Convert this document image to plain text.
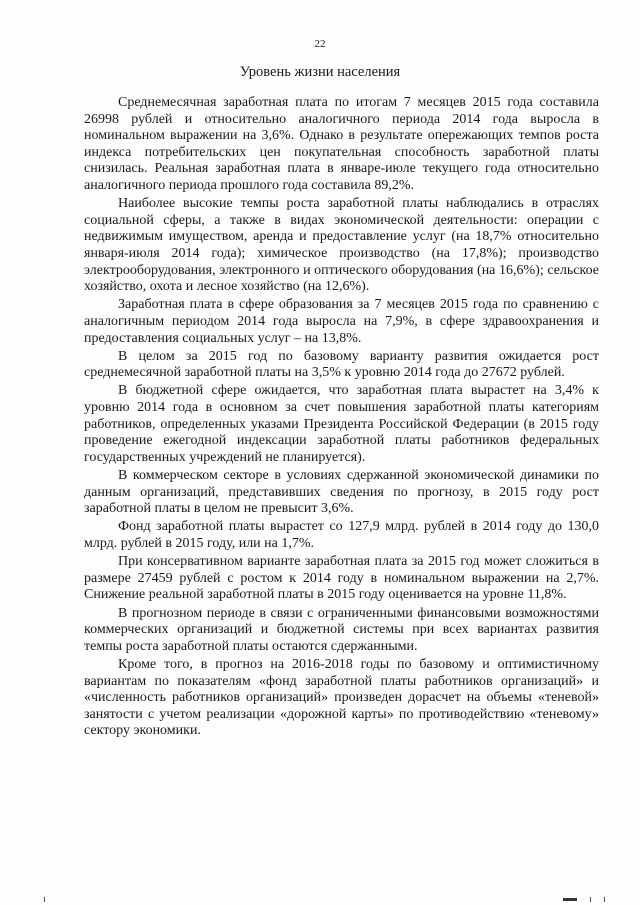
22
Уровень жизни населения

Среднемесячная заработная плата по итогам 7 месяцев 2015 года составила 26998 рублей и относительно аналогичного периода 2014 года выросла в номинальном выражении на 3,6%. Однако в результате опережающих темпов роста индекса потребительских цен покупательная способность заработной платы снизилась. Реальная заработная плата в январе-июле текущего года относительно аналогичного периода прошлого года составила 89,2%.

Наиболее высокие темпы роста заработной платы наблюдались в отраслях социальной сферы, а также в видах экономической деятельности: операции с недвижимым имуществом, аренда и предоставление услуг (на 18,7% относительно января-июля 2014 года); химическое производство (на 17,8%); производство электрооборудования, электронного и оптического оборудования (на 16,6%); сельское хозяйство, охота и лесное хозяйство (на 12,6%).

Заработная плата в сфере образования за 7 месяцев 2015 года по сравнению с аналогичным периодом 2014 года выросла на 7,9%, в сфере здравоохранения и предоставления социальных услуг – на 13,8%.

В целом за 2015 год по базовому варианту развития ожидается рост среднемесячной заработной платы на 3,5% к уровню 2014 года до 27672 рублей.

В бюджетной сфере ожидается, что заработная плата вырастет на 3,4% к уровню 2014 года в основном за счет повышения заработной платы категориям работников, определенных указами Президента Российской Федерации (в 2015 году проведение ежегодной индексации заработной платы работников федеральных государственных учреждений не планируется).

В коммерческом секторе в условиях сдержанной экономической динамики по данным организаций, представивших сведения по прогнозу, в 2015 году рост заработной платы в целом не превысит 3,6%.

Фонд заработной платы вырастет со 127,9 млрд. рублей в 2014 году до 130,0 млрд. рублей в 2015 году, или на 1,7%.

При консервативном варианте заработная плата за 2015 год может сложиться в размере 27459 рублей с ростом к 2014 году в номинальном выражении на 2,7%. Снижение реальной заработной платы в 2015 году оценивается на уровне 11,8%.

В прогнозном периоде в связи с ограниченными финансовыми возможностями коммерческих организаций и бюджетной системы при всех вариантах развития темпы роста заработной платы остаются сдержанными.

Кроме того, в прогноз на 2016-2018 годы по базовому и оптимистичному вариантам по показателям «фонд заработной платы работников организаций» и «численность работников организаций» произведен дорасчет на объемы «теневой» занятости с учетом реализации «дорожной карты» по противодействию «теневому» сектору экономики.
